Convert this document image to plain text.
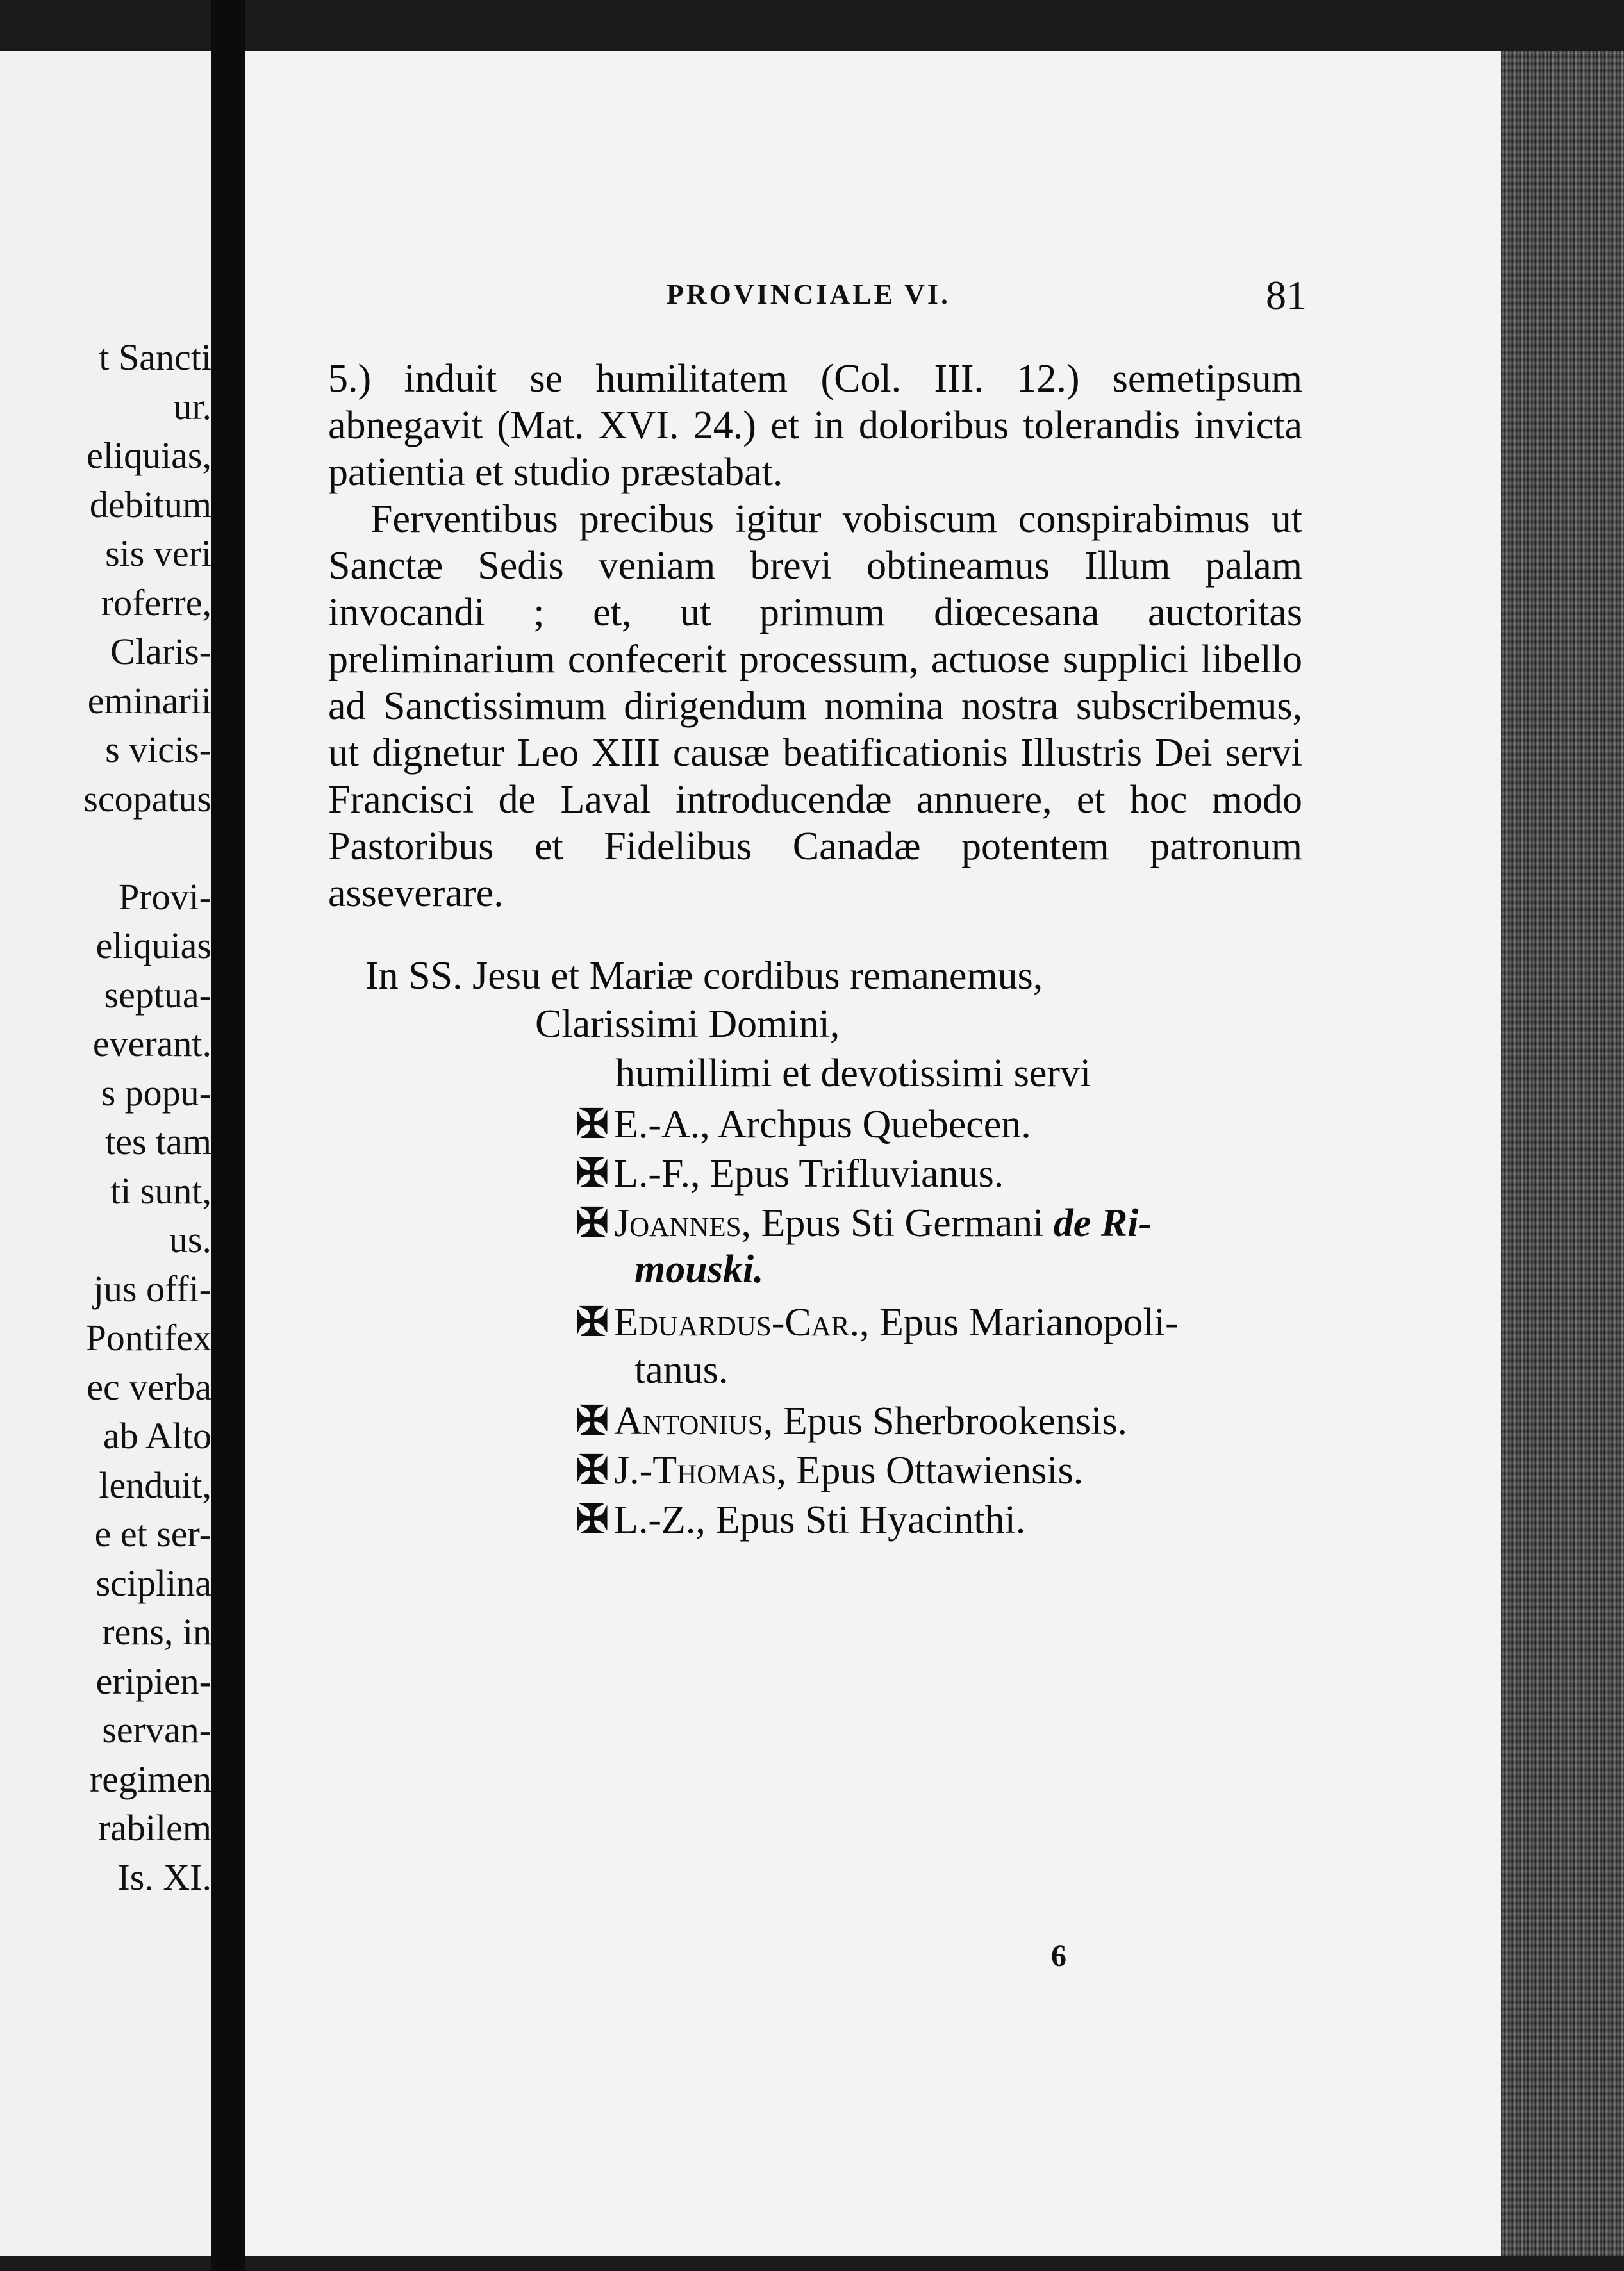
t Sancti
ur.
eliquias,
debitum
sis veri
roferre,
Claris-
eminarii
s vicis-
scopatus

Provi-
eliquias
septua-
everant.
s popu-
tes tam
ti sunt,
us.
jus offi-
Pontifex
ec verba
ab Alto
lenduit,
e et ser-
sciplina
rens, in
eripien-
servan-
regimen
rabilem
Is. XI.
PROVINCIALE VI.	81

5.) induit se humilitatem (Col. III. 12.) semetipsum abnegavit (Mat. XVI. 24.) et in doloribus tolerandis invicta patientia et studio præstabat.

Ferventibus precibus igitur vobiscum conspirabimus ut Sanctæ Sedis veniam brevi obtineamus Illum palam invocandi ; et, ut primum diœcesana auctoritas preliminarium confecerit processum, actuose supplici libello ad Sanctissimum dirigendum nomina nostra subscribemus, ut dignetur Leo XIII causæ beatificationis Illustris Dei servi Francisci de Laval introducendæ annuere, et hoc modo Pastoribus et Fidelibus Canadæ potentem patronum asseverare.

In SS. Jesu et Mariæ cordibus remanemus,
Clarissimi Domini,
humillimi et devotissimi servi
✠ E.-A., Archpus Quebecen.
✠ L.-F., Epus Trifluvianus.
✠ Joannes, Epus Sti Germani de Ri-
mouski.
✠ Eduardus-Car., Epus Marianopoli-
tanus.
✠ Antonius, Epus Sherbrookensis.
✠ J.-Thomas, Epus Ottawiensis.
✠ L.-Z., Epus Sti Hyacinthi.
6
